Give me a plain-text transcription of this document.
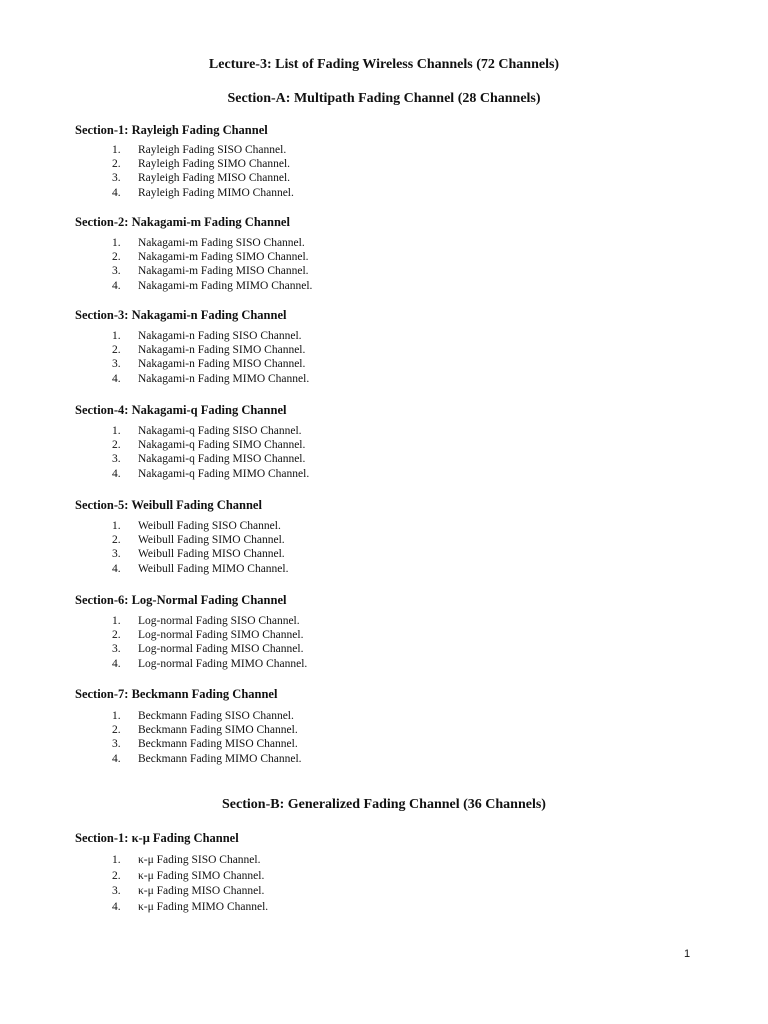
Lecture-3: List of Fading Wireless Channels (72 Channels)
Section-A: Multipath Fading Channel (28 Channels)
Section-1: Rayleigh Fading Channel
1.	Rayleigh Fading SISO Channel.
2.	Rayleigh Fading SIMO Channel.
3.	Rayleigh Fading MISO Channel.
4.	Rayleigh Fading MIMO Channel.
Section-2: Nakagami-m Fading Channel
1.	Nakagami-m Fading SISO Channel.
2.	Nakagami-m Fading SIMO Channel.
3.	Nakagami-m Fading MISO Channel.
4.	Nakagami-m Fading MIMO Channel.
Section-3: Nakagami-n Fading Channel
1.	Nakagami-n Fading SISO Channel.
2.	Nakagami-n Fading SIMO Channel.
3.	Nakagami-n Fading MISO Channel.
4.	Nakagami-n Fading MIMO Channel.
Section-4: Nakagami-q Fading Channel
1.	Nakagami-q Fading SISO Channel.
2.	Nakagami-q Fading SIMO Channel.
3.	Nakagami-q Fading MISO Channel.
4.	Nakagami-q Fading MIMO Channel.
Section-5: Weibull Fading Channel
1.	Weibull Fading SISO Channel.
2.	Weibull Fading SIMO Channel.
3.	Weibull Fading MISO Channel.
4.	Weibull Fading MIMO Channel.
Section-6: Log-Normal Fading Channel
1.	Log-normal Fading SISO Channel.
2.	Log-normal Fading SIMO Channel.
3.	Log-normal Fading MISO Channel.
4.	Log-normal Fading MIMO Channel.
Section-7: Beckmann Fading Channel
1.	Beckmann Fading SISO Channel.
2.	Beckmann Fading SIMO Channel.
3.	Beckmann Fading MISO Channel.
4.	Beckmann Fading MIMO Channel.
Section-B: Generalized Fading Channel (36 Channels)
Section-1: κ-μ Fading Channel
1.	κ-μ Fading SISO Channel.
2.	κ-μ Fading SIMO Channel.
3.	κ-μ Fading MISO Channel.
4.	κ-μ Fading MIMO Channel.

1
